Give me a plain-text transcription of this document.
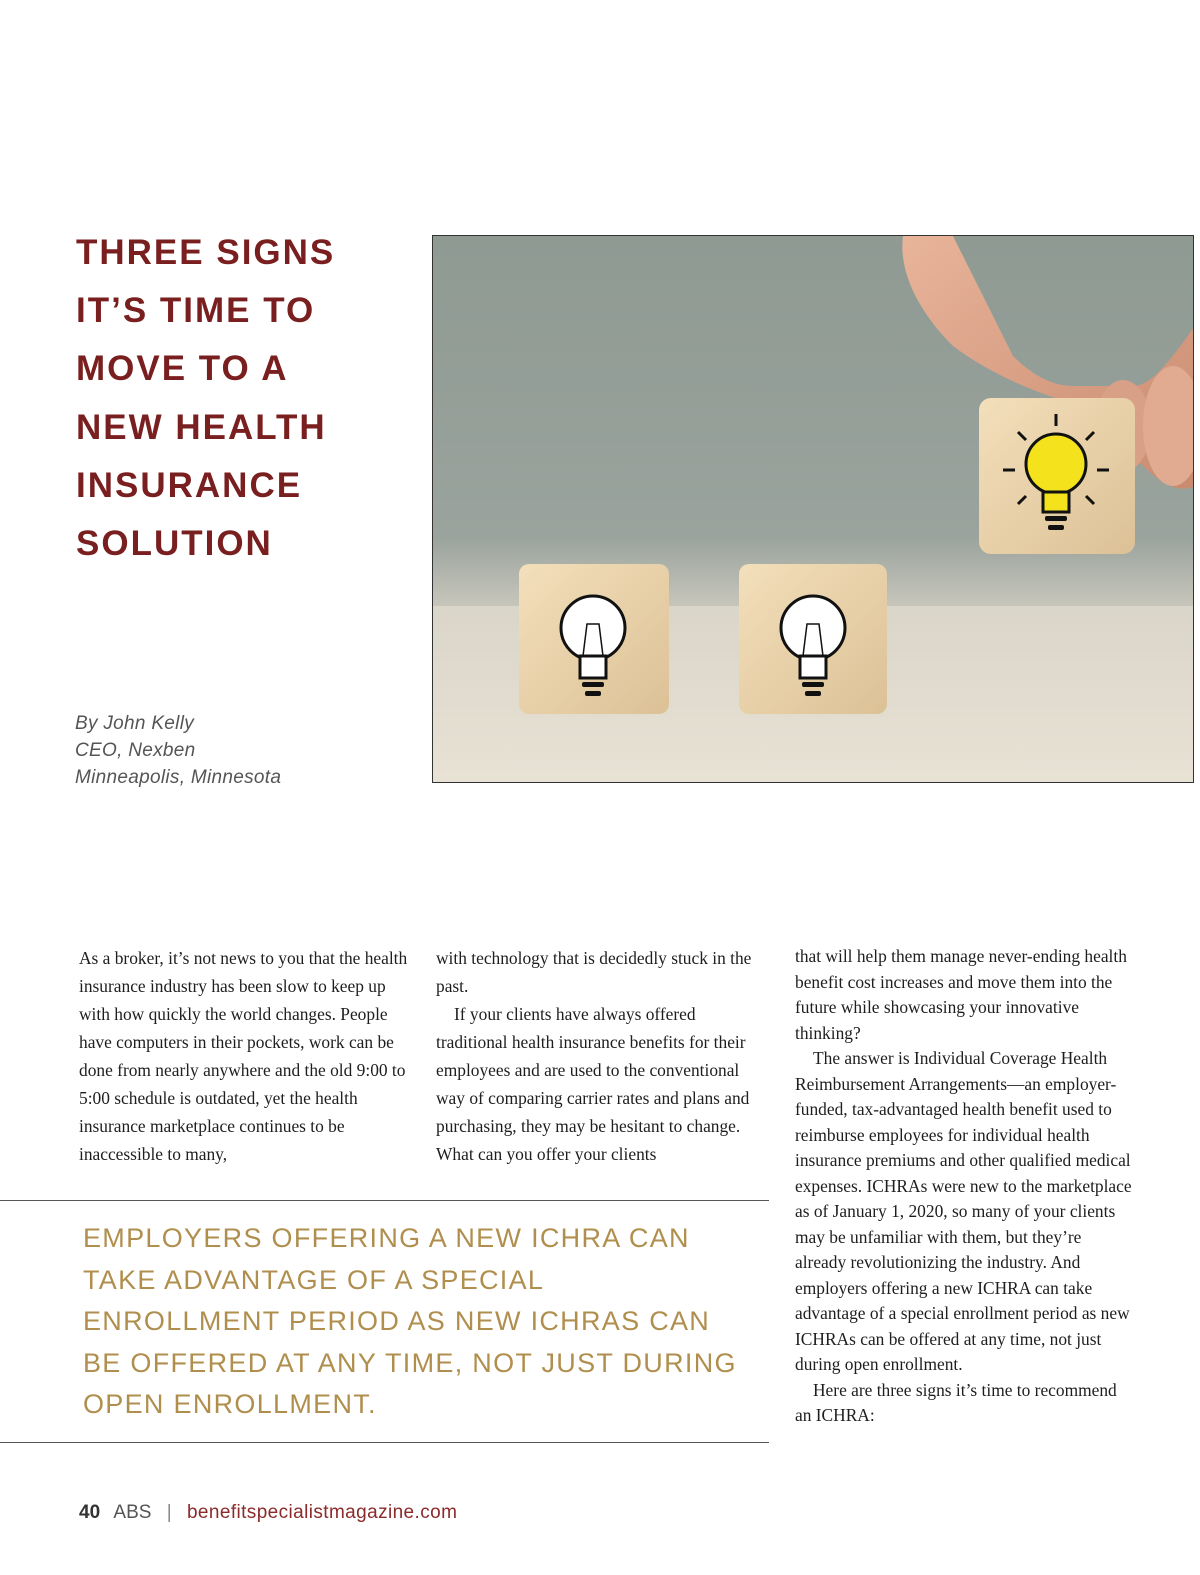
THREE SIGNS
IT’S TIME TO
MOVE TO A
NEW HEALTH
INSURANCE
SOLUTION
By John Kelly
CEO, Nexben
Minneapolis, Minnesota

As a broker, it’s not news to you that the health insurance industry has been slow to keep up with how quickly the world changes. People have computers in their pockets, work can be done from nearly anywhere and the old 9:00 to 5:00 schedule is outdated, yet the health insurance marketplace continues to be inaccessible to many,

with technology that is decidedly stuck in the past.

If your clients have always offered traditional health insurance benefits for their employees and are used to the conventional way of comparing carrier rates and plans and purchasing, they may be hesitant to change. What can you offer your clients

that will help them manage never-ending health benefit cost increases and move them into the future while showcasing your innovative thinking?

The answer is Individual Coverage Health Reimbursement Arrangements—an employer-funded, tax-advantaged health benefit used to reimburse employees for individual health insurance premiums and other qualified medical expenses. ICHRAs were new to the marketplace as of January 1, 2020, so many of your clients may be unfamiliar with them, but they’re already revolutionizing the industry. And employers offering a new ICHRA can take advantage of a special enrollment period as new ICHRAs can be offered at any time, not just during open enrollment.

Here are three signs it’s time to recommend an ICHRA:

EMPLOYERS OFFERING A NEW ICHRA CAN TAKE ADVANTAGE OF A SPECIAL ENROLLMENT PERIOD AS NEW ICHRAS CAN BE OFFERED AT ANY TIME, NOT JUST DURING OPEN ENROLLMENT.

40 ABS | benefitspecialistmagazine.com
